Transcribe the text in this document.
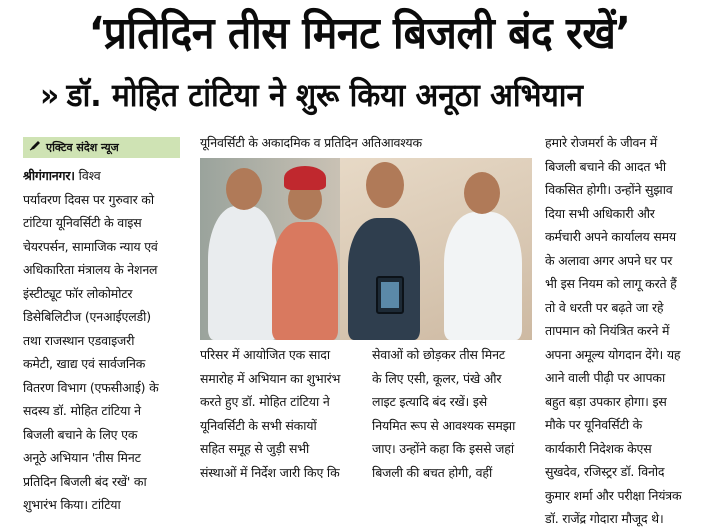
‘प्रतिदिन तीस मिनट बिजली बंद रखें’
» डॉ. मोहित टांटिया ने शुरू किया अनूठा अभियान
एक्टिव संदेश न्यूज

श्रीगंगानगर। विश्व

पर्यावरण दिवस पर गुरुवार को

टांटिया यूनिवर्सिटी के वाइस

चेयरपर्सन, सामाजिक न्याय एवं

अधिकारिता मंत्रालय के नेशनल

इंस्टीट्यूट फॉर लोकोमोटर

डिसेबिलिटीज (एनआईएलडी)

तथा राजस्थान एडवाइजरी

कमेटी, खाद्य एवं सार्वजनिक

वितरण विभाग (एफसीआई) के

सदस्य डॉ. मोहित टांटिया ने

बिजली बचाने के लिए एक

अनूठे अभियान 'तीस मिनट

प्रतिदिन बिजली बंद रखें' का

शुभारंभ किया। टांटिया

यूनिवर्सिटी के अकादमिक व प्रतिदिन अतिआवश्यक

परिसर में आयोजित एक सादा

समारोह में अभियान का शुभारंभ

करते हुए डॉ. मोहित टांटिया ने

यूनिवर्सिटी के सभी संकायों

सहित समूह से जुड़ी सभी

संस्थाओं में निर्देश जारी किए कि

सेवाओं को छोड़कर तीस मिनट

के लिए एसी, कूलर, पंखे और

लाइट इत्यादि बंद रखें। इसे

नियमित रूप से आवश्यक समझा

जाए। उन्होंने कहा कि इससे जहां

बिजली की बचत होगी, वहीं

हमारे रोजमर्रा के जीवन में

बिजली बचाने की आदत भी

विकसित होगी। उन्होंने सुझाव

दिया सभी अधिकारी और

कर्मचारी अपने कार्यालय समय

के अलावा अगर अपने घर पर

भी इस नियम को लागू करते हैं

तो वे धरती पर बढ़ते जा रहे

तापमान को नियंत्रित करने में

अपना अमूल्य योगदान देंगे। यह

आने वाली पीढ़ी पर आपका

बहुत बड़ा उपकार होगा। इस

मौके पर यूनिवर्सिटी के

कार्यकारी निदेशक केएस

सुखदेव, रजिस्ट्रर डॉ. विनोद

कुमार शर्मा और परीक्षा नियंत्रक

डॉ. राजेंद्र गोदारा मौजूद थे।
